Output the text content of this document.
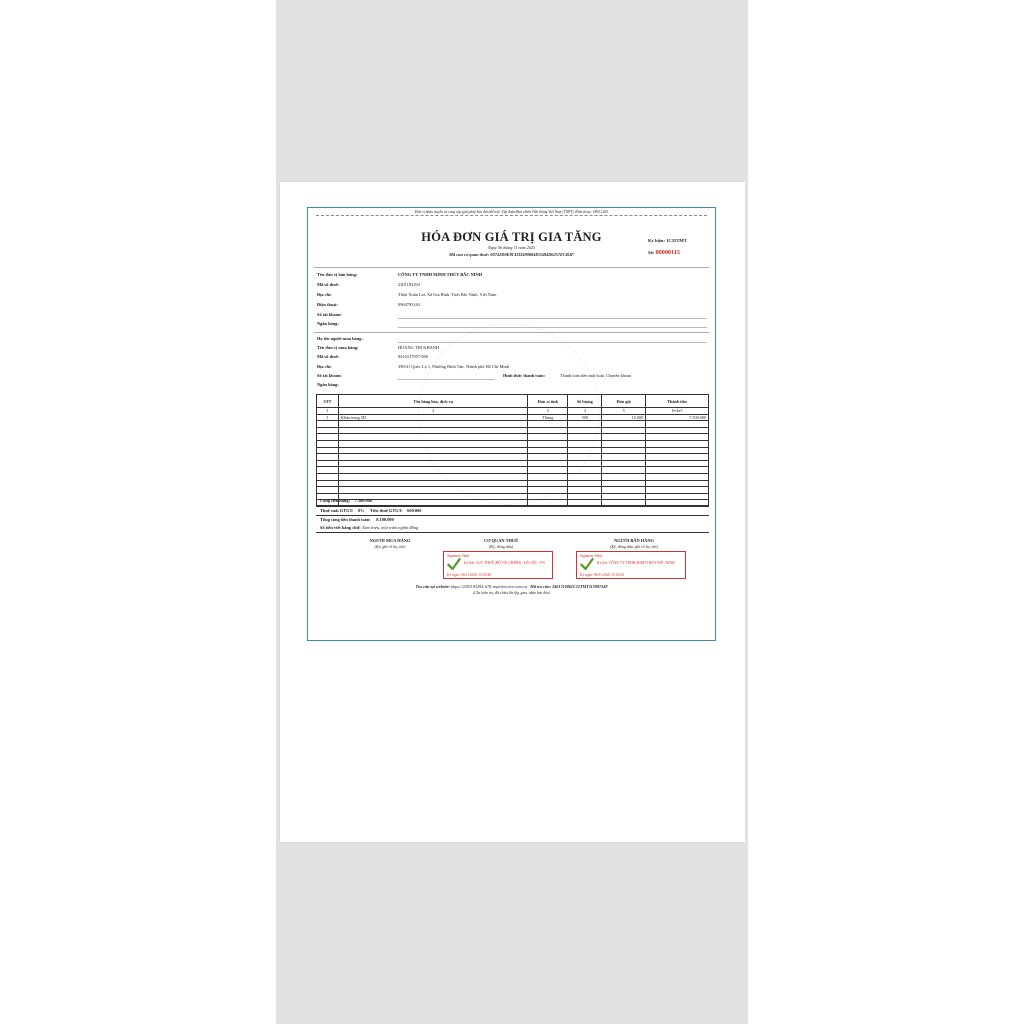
Đơn vị nhận truyền và cung cấp giải pháp hóa đơn điện tử: Tập đoàn Bưu chính Viễn thông Việt Nam (VNPT), Điện thoại: 1800.1260
HÓA ĐƠN GIÁ TRỊ GIA TĂNG
Ngày 06 tháng 11 năm 2025
Mã của cơ quan thuế: 00742D0E8CD33498684D55B4D6257ECB3F
Ký hiệu: 1C25TMT
Số: 00000115
Tên đơn vị bán hàng:	CÔNG TY TNHH MINH THỦY BẮC NINH
Mã số thuế:	2301183294
Địa chỉ:	Thôn Xuân Lai, Xã Gia Bình, Tỉnh Bắc Ninh, Việt Nam
Điện thoại:	0964793163
Số tài khoản:
Ngân hàng:
Họ tên người mua hàng:
Tên đơn vị mua hàng:	HOÀNG THỊ KHANH
Mã số thuế:	8416317957-000
Địa chỉ:	390/41 Quốc Lộ 1, Phường Bình Tân, Thành phố Hồ Chí Minh
Số tài khoản:	Hình thức thanh toán:	Thanh toán tiền mặt hoặc Chuyển khoản
Ngân hàng:
STT	Tên hàng hóa, dịch vụ	Đơn vị tính	Số lượng	Đơn giá	Thành tiền
1	2	3	4	5	6=4x5
1	Khẩu trang 5D	Thùng	500	15.000	7.500.000

Cộng tiền hàng: 7.500.000
Thuế suất GTGT: 8% Tiền thuế GTGT: 600.000
Tổng cộng tiền thanh toán: 8.100.000
Số tiền viết bằng chữ: Tám triệu, một trăm nghìn đồng
NGƯỜI MUA HÀNG
(Ký, ghi rõ họ, tên)
CƠ QUAN THUẾ
(Ký, đóng dấu)
NGƯỜI BÁN HÀNG
(Ký, đóng dấu, ghi rõ họ, tên)
Signature Valid
Ký bởi: CỤC THUẾ (BỘ TÀI CHÍNH) - HÀ NỘI - VN
Ký ngày: 06/11/2025 15:03:28
Signature Valid
Ký bởi: CÔNG TY TNHH MINH THỦY BẮC NINH
Ký ngày: 06/11/2025 15:03:25
Tra cứu tại website: https://2301183294-tt78.vnpt-invoice.com.vn Mã tra cứu: 2461710061C25TMT115987249
(Cần kiểm tra, đối chiếu khi lập, giao, nhận hóa đơn)
